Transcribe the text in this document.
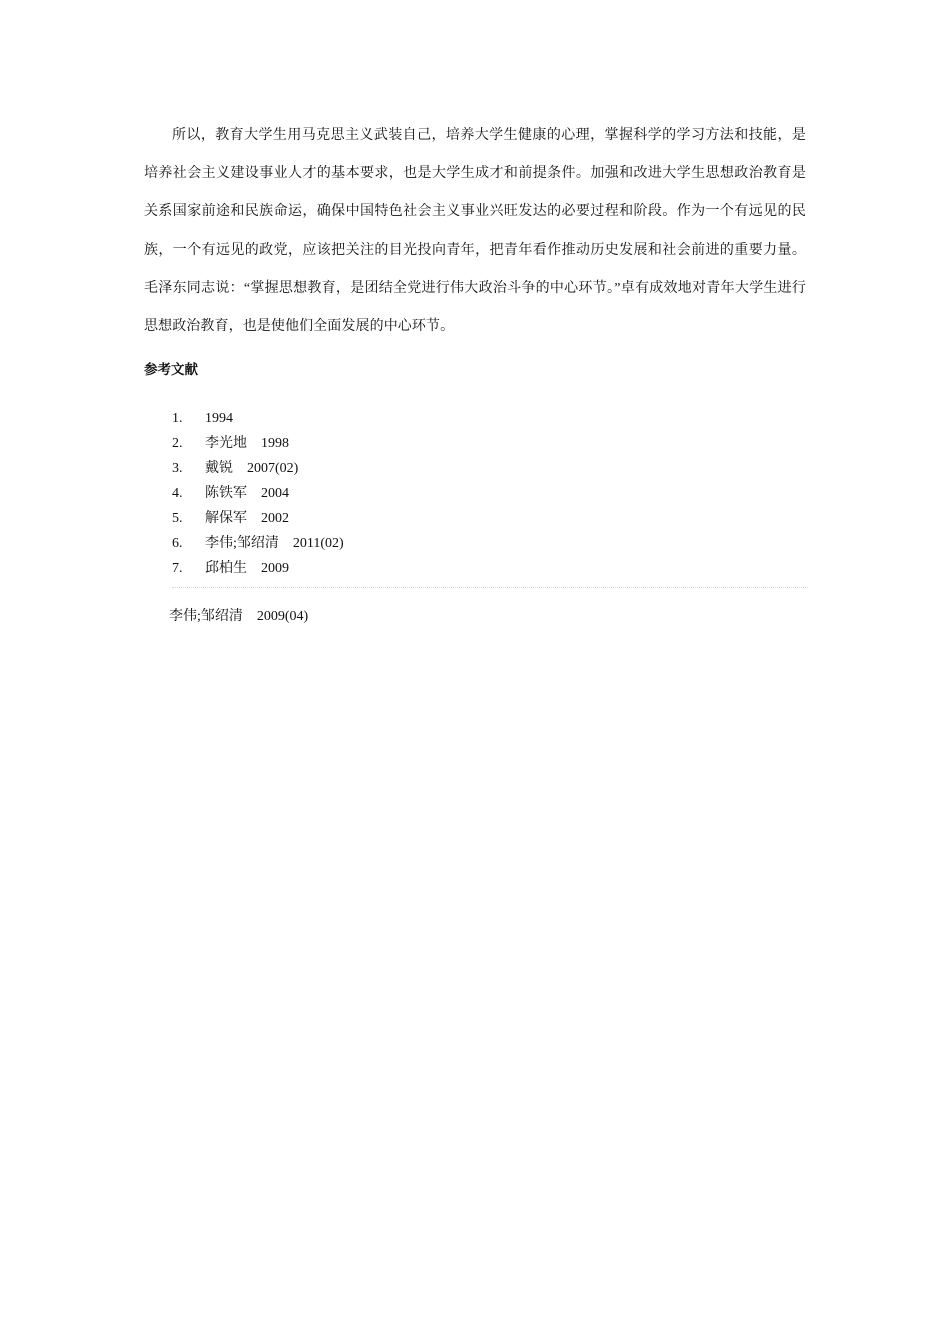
所以，教育大学生用马克思主义武装自己，培养大学生健康的心理，掌握科学的学习方法和技能，是培养社会主义建设事业人才的基本要求，也是大学生成才和前提条件。加强和改进大学生思想政治教育是关系国家前途和民族命运，确保中国特色社会主义事业兴旺发达的必要过程和阶段。作为一个有远见的民族，一个有远见的政党，应该把关注的目光投向青年，把青年看作推动历史发展和社会前进的重要力量。毛泽东同志说：“掌握思想教育，是团结全党进行伟大政治斗争的中心环节。”卓有成效地对青年大学生进行思想政治教育，也是使他们全面发展的中心环节。

参考文献
1. 1994
2. 李光地 1998
3. 戴锐 2007(02)
4. 陈铁军 2004
5. 解保军 2002
6. 李伟;邹绍清 2011(02)
7. 邱柏生 2009
李伟;邹绍清 2009(04)
